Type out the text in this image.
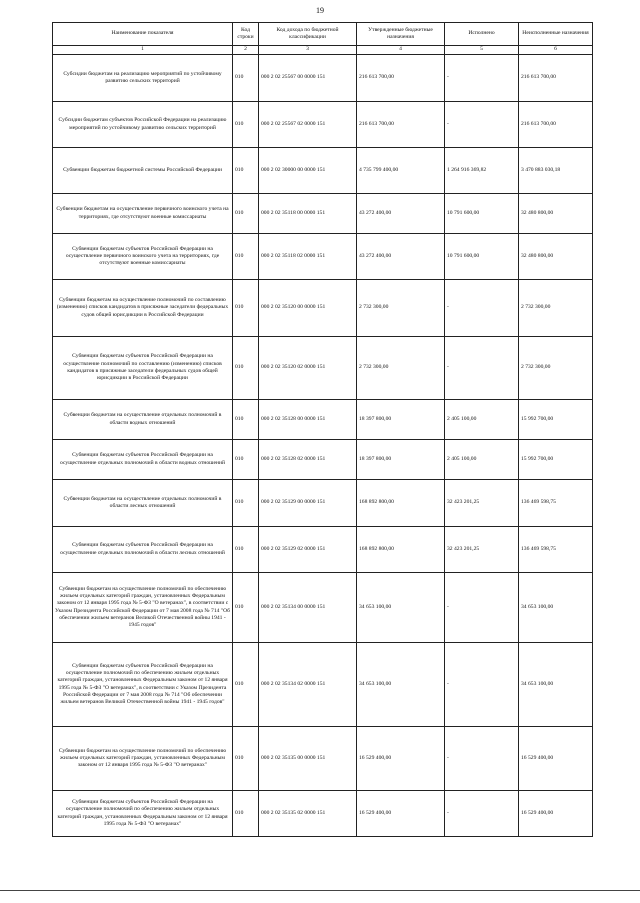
19
Наименование показателя	Код строки	Код дохода по бюджетной классификации	Утвержденные бюджетные назначения	Исполнено	Неисполненные назначения
1	2	3	4	5	6
Субсидии бюджетам на реализацию мероприятий по устойчивому развитию сельских территорий	010	000 2 02 25567 00 0000 151	216 613 700,00	-	216 613 700,00
Субсидии бюджетам субъектов Российской Федерации на реализацию мероприятий по устойчивому развитию сельских территорий	010	000 2 02 25567 02 0000 151	216 613 700,00	-	216 613 700,00
Субвенции бюджетам бюджетной системы Российской Федерации	010	000 2 02 30000 00 0000 151	4 735 799 400,00	1 264 916 369,82	3 470 883 030,18
Субвенции бюджетам на осуществление первичного воинского учета на территориях, где отсутствуют военные комиссариаты	010	000 2 02 35118 00 0000 151	43 272 400,00	10 791 600,00	32 480 800,00
Субвенции бюджетам субъектов Российской Федерации на осуществление первичного воинского учета на территориях, где отсутствуют военные комиссариаты	010	000 2 02 35118 02 0000 151	43 272 400,00	10 791 600,00	32 480 800,00
Субвенции бюджетам на осуществление полномочий по составлению (изменению) списков кандидатов в присяжные заседатели федеральных судов общей юрисдикции в Российской Федерации	010	000 2 02 35120 00 0000 151	2 732 300,00	-	2 732 300,00
Субвенции бюджетам субъектов Российской Федерации на осуществление полномочий по составлению (изменению) списков кандидатов в присяжные заседатели федеральных судов общей юрисдикции в Российской Федерации	010	000 2 02 35120 02 0000 151	2 732 300,00	-	2 732 300,00
Субвенции бюджетам на осуществление отдельных полномочий в области водных отношений	010	000 2 02 35128 00 0000 151	18 397 800,00	2 405 100,00	15 992 700,00
Субвенции бюджетам субъектов Российской Федерации на осуществление отдельных полномочий в области водных отношений	010	000 2 02 35128 02 0000 151	18 397 800,00	2 405 100,00	15 992 700,00
Субвенции бюджетам на осуществление отдельных полномочий в области лесных отношений	010	000 2 02 35129 00 0000 151	168 892 800,00	32 423 201,25	136 469 598,75
Субвенции бюджетам субъектов Российской Федерации на осуществление отдельных полномочий в области лесных отношений	010	000 2 02 35129 02 0000 151	168 892 800,00	32 423 201,25	136 469 598,75
Субвенции бюджетам на осуществление полномочий по обеспечению жильем отдельных категорий граждан, установленных Федеральным законом от 12 января 1995 года № 5-ФЗ "О ветеранах", в соответствии с Указом Президента Российской Федерации от 7 мая 2008 года № 714 "Об обеспечении жильем ветеранов Великой Отечественной войны 1941 - 1945 годов"	010	000 2 02 35134 00 0000 151	34 653 100,00	-	34 653 100,00
Субвенции бюджетам субъектов Российской Федерации на осуществление полномочий по обеспечению жильем отдельных категорий граждан, установленных Федеральным законом от 12 января 1995 года № 5-ФЗ "О ветеранах", в соответствии с Указом Президента Российской Федерации от 7 мая 2008 года № 714 "Об обеспечении жильем ветеранов Великой Отечественной войны 1941 - 1945 годов"	010	000 2 02 35134 02 0000 151	34 653 100,00	-	34 653 100,00
Субвенции бюджетам на осуществление полномочий по обеспечению жильем отдельных категорий граждан, установленных Федеральным законом от 12 января 1995 года № 5-ФЗ "О ветеранах"	010	000 2 02 35135 00 0000 151	16 529 400,00	-	16 529 400,00
Субвенции бюджетам субъектов Российской Федерации на осуществление полномочий по обеспечению жильем отдельных категорий граждан, установленных Федеральным законом от 12 января 1995 года № 5-ФЗ "О ветеранах"	010	000 2 02 35135 02 0000 151	16 529 400,00	-	16 529 400,00
